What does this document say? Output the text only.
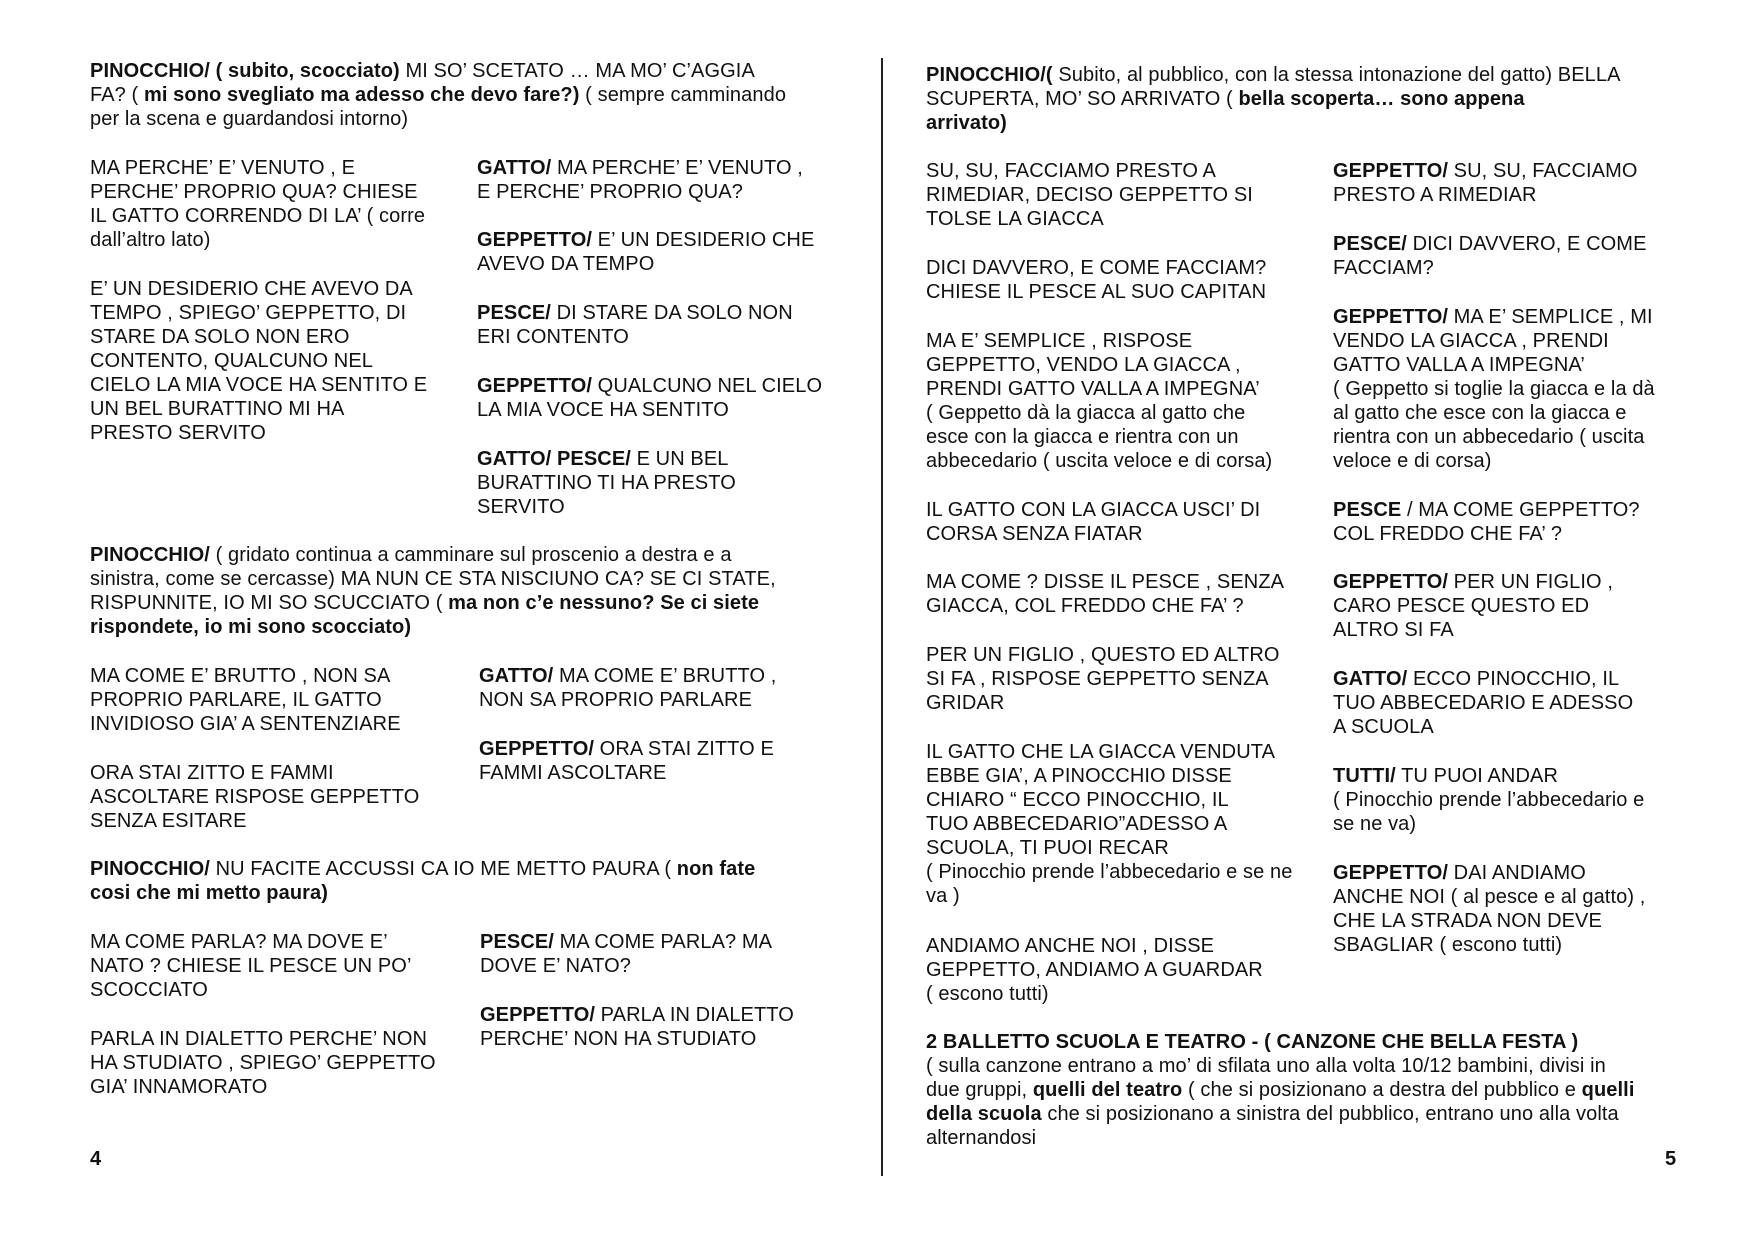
PINOCCHIO/ ( subito, scocciato) MI SO’ SCETATO … MA MO’ C’AGGIA
FA? ( mi sono svegliato ma adesso che devo fare?) ( sempre camminando
per la scena e guardandosi intorno)
MA PERCHE’ E’ VENUTO , E
PERCHE’ PROPRIO QUA? CHIESE
IL GATTO CORRENDO DI LA’ ( corre
dall’altro lato)
E’ UN DESIDERIO CHE AVEVO DA
TEMPO , SPIEGO’ GEPPETTO, DI
STARE DA SOLO NON ERO
CONTENTO, QUALCUNO NEL
CIELO LA MIA VOCE HA SENTITO E
UN BEL BURATTINO MI HA
PRESTO SERVITO
GATTO/ MA PERCHE’ E’ VENUTO ,
E PERCHE’ PROPRIO QUA?
GEPPETTO/ E’ UN DESIDERIO CHE
AVEVO DA TEMPO
PESCE/ DI STARE DA SOLO NON
ERI CONTENTO
GEPPETTO/ QUALCUNO NEL CIELO
LA MIA VOCE HA SENTITO
GATTO/ PESCE/ E UN BEL
BURATTINO TI HA PRESTO
SERVITO
PINOCCHIO/ ( gridato continua a camminare sul proscenio a destra e a
sinistra, come se cercasse) MA NUN CE STA NISCIUNO CA? SE CI STATE,
RISPUNNITE, IO MI SO SCUCCIATO ( ma non c’e nessuno? Se ci siete
rispondete, io mi sono scocciato)
MA COME E’ BRUTTO , NON SA
PROPRIO PARLARE, IL GATTO
INVIDIOSO GIA’ A SENTENZIARE
ORA STAI ZITTO E FAMMI
ASCOLTARE RISPOSE GEPPETTO
SENZA ESITARE
GATTO/ MA COME E’ BRUTTO ,
NON SA PROPRIO PARLARE
GEPPETTO/ ORA STAI ZITTO E
FAMMI ASCOLTARE
PINOCCHIO/ NU FACITE ACCUSSI CA IO ME METTO PAURA ( non fate
cosi che mi metto paura)
MA COME PARLA? MA DOVE E’
NATO ? CHIESE IL PESCE UN PO’
SCOCCIATO
PARLA IN DIALETTO PERCHE’ NON
HA STUDIATO , SPIEGO’ GEPPETTO
GIA’ INNAMORATO
PESCE/ MA COME PARLA? MA
DOVE E’ NATO?
GEPPETTO/ PARLA IN DIALETTO
PERCHE’ NON HA STUDIATO
4
PINOCCHIO/( Subito, al pubblico, con la stessa intonazione del gatto) BELLA
SCUPERTA, MO’ SO ARRIVATO ( bella scoperta… sono appena
arrivato)
SU, SU, FACCIAMO PRESTO A
RIMEDIAR, DECISO GEPPETTO SI
TOLSE LA GIACCA
DICI DAVVERO, E COME FACCIAM?
CHIESE IL PESCE AL SUO CAPITAN
MA E’ SEMPLICE , RISPOSE
GEPPETTO, VENDO LA GIACCA ,
PRENDI GATTO VALLA A IMPEGNA’
( Geppetto dà la giacca al gatto che
esce con la giacca e rientra con un
abbecedario ( uscita veloce e di corsa)
IL GATTO CON LA GIACCA USCI’ DI
CORSA SENZA FIATAR
MA COME ? DISSE IL PESCE , SENZA
GIACCA, COL FREDDO CHE FA’ ?
PER UN FIGLIO , QUESTO ED ALTRO
SI FA , RISPOSE GEPPETTO SENZA
GRIDAR
IL GATTO CHE LA GIACCA VENDUTA
EBBE GIA’, A PINOCCHIO DISSE
CHIARO “ ECCO PINOCCHIO, IL
TUO ABBECEDARIO”ADESSO A
SCUOLA, TI PUOI RECAR
( Pinocchio prende l’abbecedario e se ne
va )
ANDIAMO ANCHE NOI , DISSE
GEPPETTO, ANDIAMO A GUARDAR
( escono tutti)
GEPPETTO/ SU, SU, FACCIAMO
PRESTO A RIMEDIAR
PESCE/ DICI DAVVERO, E COME
FACCIAM?
GEPPETTO/ MA E’ SEMPLICE , MI
VENDO LA GIACCA , PRENDI
GATTO VALLA A IMPEGNA’
( Geppetto si toglie la giacca e la dà
al gatto che esce con la giacca e
rientra con un abbecedario ( uscita
veloce e di corsa)
PESCE / MA COME GEPPETTO?
COL FREDDO CHE FA’ ?
GEPPETTO/ PER UN FIGLIO ,
CARO PESCE QUESTO ED
ALTRO SI FA
GATTO/ ECCO PINOCCHIO, IL
TUO ABBECEDARIO E ADESSO
A SCUOLA
TUTTI/ TU PUOI ANDAR
( Pinocchio prende l’abbecedario e
se ne va)
GEPPETTO/ DAI ANDIAMO
ANCHE NOI ( al pesce e al gatto) ,
CHE LA STRADA NON DEVE
SBAGLIAR ( escono tutti)
2 BALLETTO SCUOLA E TEATRO - ( CANZONE CHE BELLA FESTA )
( sulla canzone entrano a mo’ di sfilata uno alla volta 10/12 bambini, divisi in
due gruppi, quelli del teatro ( che si posizionano a destra del pubblico e quelli
della scuola che si posizionano a sinistra del pubblico, entrano uno alla volta
alternandosi
5
